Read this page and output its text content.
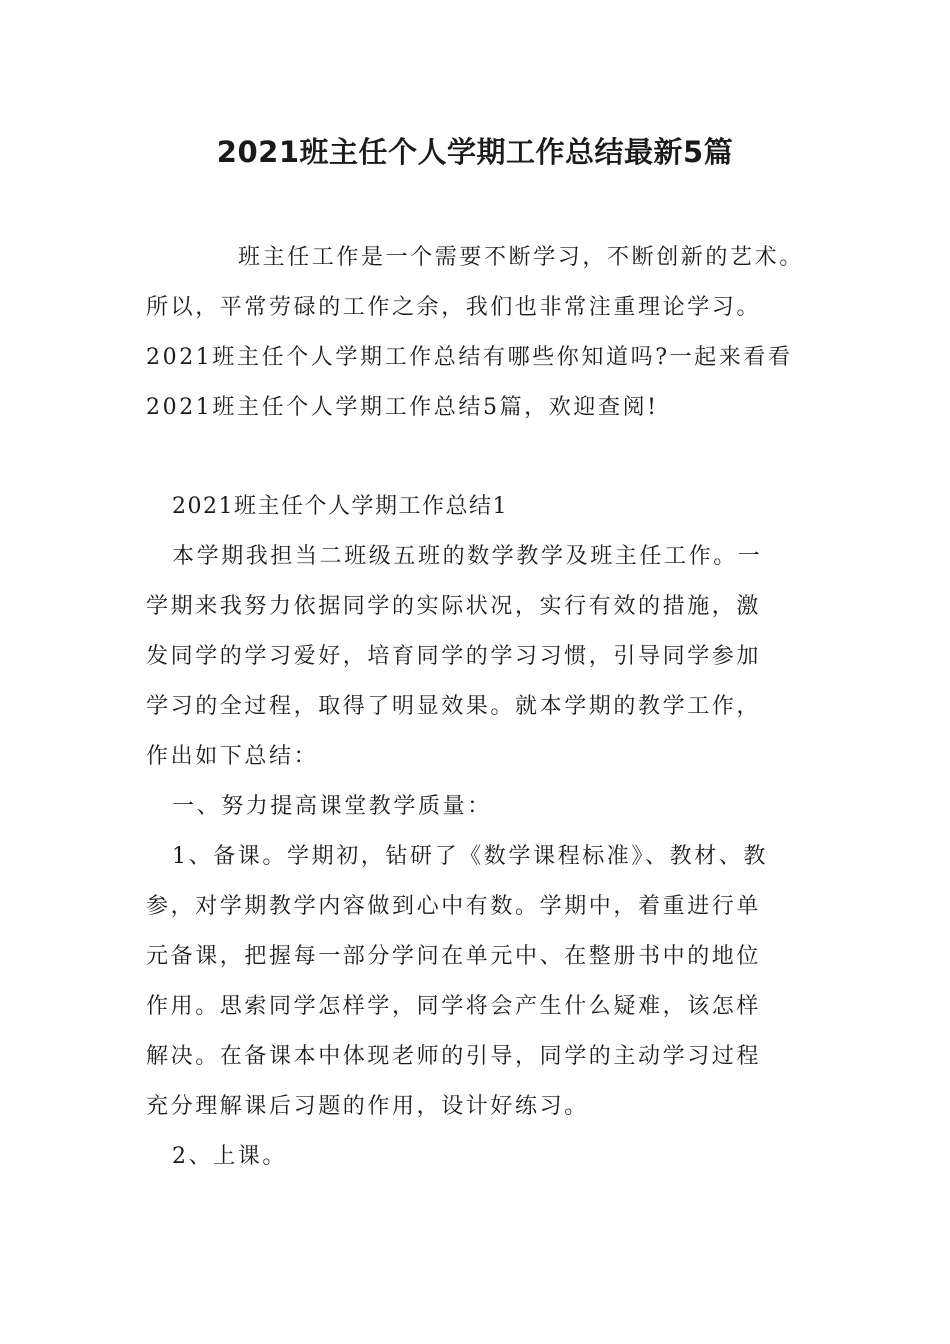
2021班主任个人学期工作总结最新5篇
班主任工作是一个需要不断学习，不断创新的艺术。
所以，平常劳碌的工作之余，我们也非常注重理论学习。
2021班主任个人学期工作总结有哪些你知道吗?一起来看看
2021班主任个人学期工作总结5篇，欢迎查阅!
2021班主任个人学期工作总结1
本学期我担当二班级五班的数学教学及班主任工作。一
学期来我努力依据同学的实际状况，实行有效的措施，激
发同学的学习爱好，培育同学的学习习惯，引导同学参加
学习的全过程，取得了明显效果。就本学期的教学工作，
作出如下总结：
一、努力提高课堂教学质量：
1、备课。学期初，钻研了《数学课程标准》、教材、教
参，对学期教学内容做到心中有数。学期中，着重进行单
元备课，把握每一部分学问在单元中、在整册书中的地位
作用。思索同学怎样学，同学将会产生什么疑难，该怎样
解决。在备课本中体现老师的引导，同学的主动学习过程
充分理解课后习题的作用，设计好练习。
2、上课。
